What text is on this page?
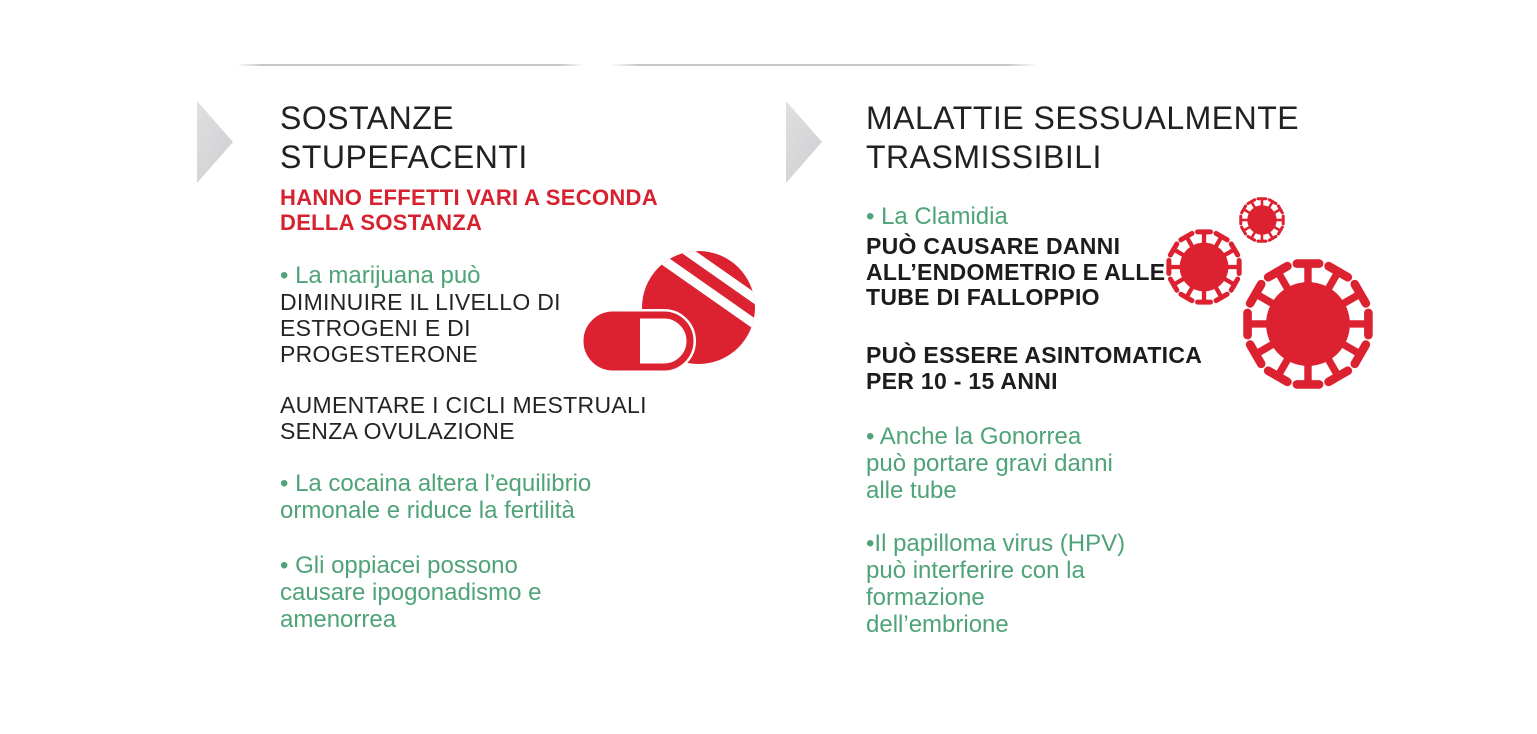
SOSTANZE
STUPEFACENTI
HANNO EFFETTI VARI A SECONDA
DELLA SOSTANZA
• La marijuana può
DIMINUIRE IL LIVELLO DI
ESTROGENI E DI
PROGESTERONE
AUMENTARE I CICLI MESTRUALI
SENZA OVULAZIONE
• La cocaina altera l’equilibrio
ormonale e riduce la fertilità
• Gli oppiacei possono
causare ipogonadismo e
amenorrea
MALATTIE SESSUALMENTE
TRASMISSIBILI
• La Clamidia
PUÒ CAUSARE DANNI
ALL’ENDOMETRIO E ALLE
TUBE DI FALLOPPIO
PUÒ ESSERE ASINTOMATICA
PER 10 - 15 ANNI
• Anche la Gonorrea
può portare gravi danni
alle tube
•Il papilloma virus (HPV)
può interferire con la
formazione
dell’embrione
